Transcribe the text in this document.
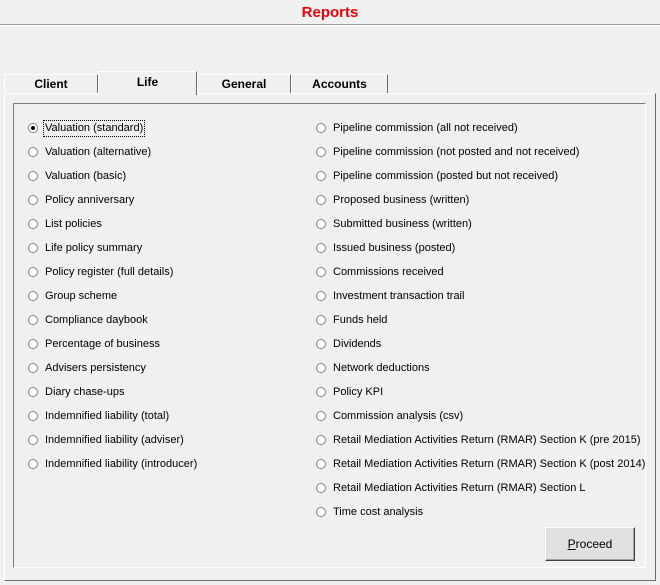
Reports
Client	Life	General	Accounts
Valuation (standard)
Valuation (alternative)
Valuation (basic)
Policy anniversary
List policies
Life policy summary
Policy register (full details)
Group scheme
Compliance daybook
Percentage of business
Advisers persistency
Diary chase-ups
Indemnified liability (total)
Indemnified liability (adviser)
Indemnified liability (introducer)
Pipeline commission (all not received)
Pipeline commission (not posted and not received)
Pipeline commission (posted but not received)
Proposed business (written)
Submitted business (written)
Issued business (posted)
Commissions received
Investment transaction trail
Funds held
Dividends
Network deductions
Policy KPI
Commission analysis (csv)
Retail Mediation Activities Return (RMAR) Section K (pre 2015)
Retail Mediation Activities Return (RMAR) Section K (post 2014)
Retail Mediation Activities Return (RMAR) Section L
Time cost analysis
Proceed
